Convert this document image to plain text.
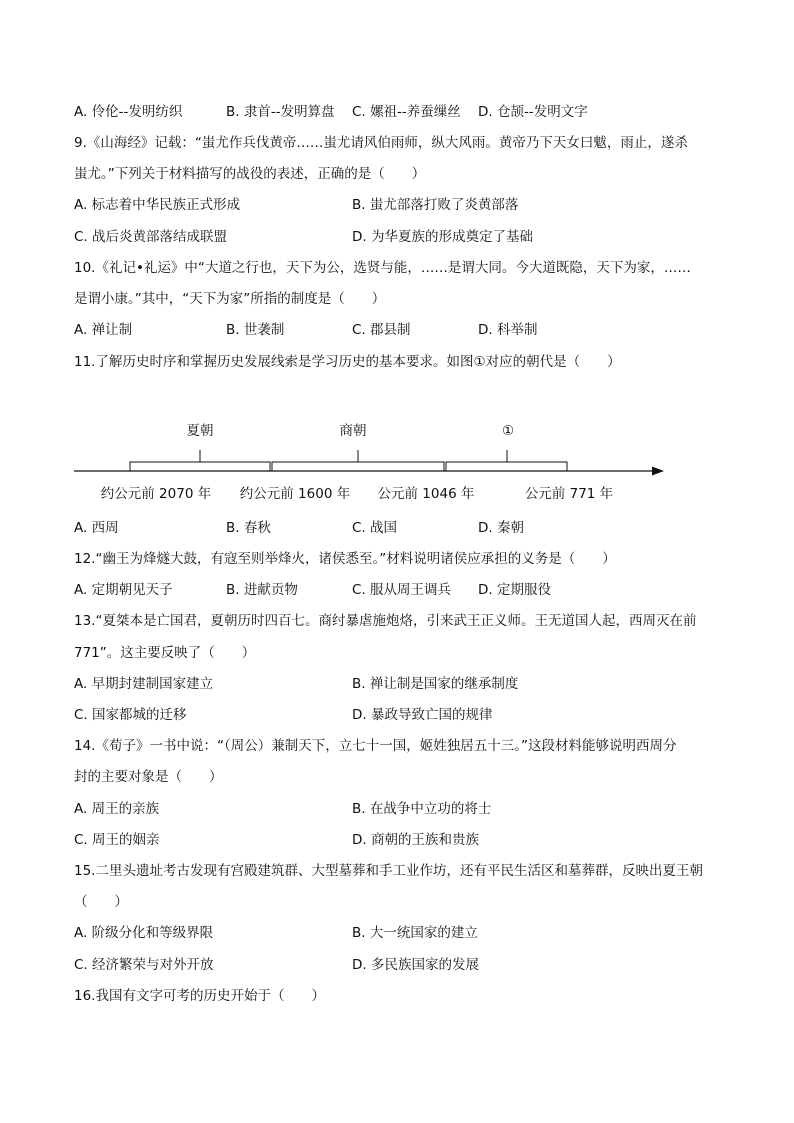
A. 伶伦--发明纺织	B. 隶首--发明算盘 C. 嫘祖--养蚕缫丝 D. 仓颉--发明文字
9.《山海经》记载：“蚩尤作兵伐黄帝……蚩尤请风伯雨师，纵大风雨。黄帝乃下天女曰魃，雨止，遂杀
蚩尤。”下列关于材料描写的战役的表述，正确的是（　　）
A. 标志着中华民族正式形成	B. 蚩尤部落打败了炎黄部落
C. 战后炎黄部落结成联盟	D. 为华夏族的形成奠定了基础
10.《礼记•礼运》中“大道之行也，天下为公，选贤与能，……是谓大同。今大道既隐，天下为家，……
是谓小康。”其中，“天下为家”所指的制度是（　　）
A. 禅让制	B. 世袭制	C. 郡县制	D. 科举制
11.了解历史时序和掌握历史发展线索是学习历史的基本要求。如图①对应的朝代是（　　）
夏朝	商朝	①
约公元前 2070 年 约公元前 1600 年 公元前 1046 年	公元前 771 年
A. 西周	B. 春秋	C. 战国	D. 秦朝
12.“幽王为烽燧大鼓，有寇至则举烽火，诸侯悉至。”材料说明诸侯应承担的义务是（　　）
A. 定期朝见天子	B. 进献贡物	C. 服从周王调兵 D. 定期服役
13.“夏桀本是亡国君，夏朝历时四百七。商纣暴虐施炮烙，引来武王正义师。王无道国人起，西周灭在前
771”。这主要反映了（　　）
A. 早期封建制国家建立	B. 禅让制是国家的继承制度
C. 国家都城的迁移	D. 暴政导致亡国的规律
14.《荀子》一书中说：“（周公）兼制天下，立七十一国，姬姓独居五十三。”这段材料能够说明西周分
封的主要对象是（　　）
A. 周王的亲族	B. 在战争中立功的将士
C. 周王的姻亲	D. 商朝的王族和贵族
15.二里头遗址考古发现有宫殿建筑群、大型墓葬和手工业作坊，还有平民生活区和墓葬群，反映出夏王朝
（　　）
A. 阶级分化和等级界限	B. 大一统国家的建立
C. 经济繁荣与对外开放	D. 多民族国家的发展
16.我国有文字可考的历史开始于（　　）
